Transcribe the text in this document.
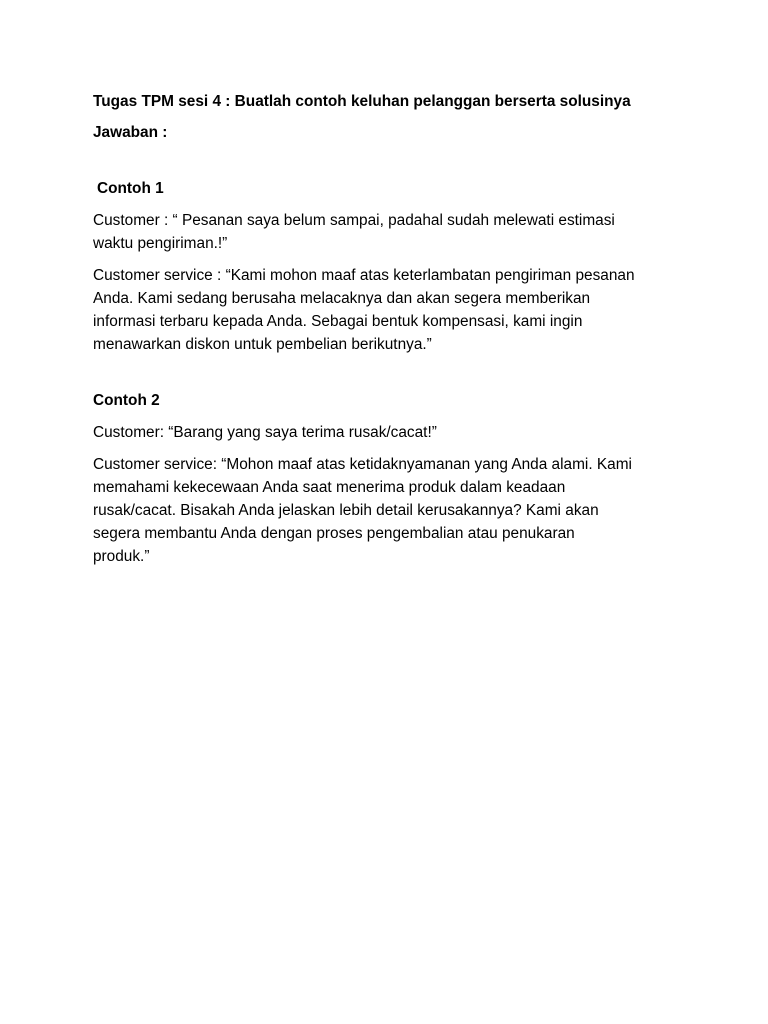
Tugas TPM sesi 4 : Buatlah contoh keluhan pelanggan berserta solusinya

Jawaban :

Contoh 1

Customer : “ Pesanan saya belum sampai, padahal sudah melewati estimasi
waktu pengiriman.!”
Customer service : “Kami mohon maaf atas keterlambatan pengiriman pesanan
Anda. Kami sedang berusaha melacaknya dan akan segera memberikan
informasi terbaru kepada Anda. Sebagai bentuk kompensasi, kami ingin
menawarkan diskon untuk pembelian berikutnya.”

Contoh 2

Customer: “Barang yang saya terima rusak/cacat!”
Customer service: “Mohon maaf atas ketidaknyamanan yang Anda alami. Kami
memahami kekecewaan Anda saat menerima produk dalam keadaan
rusak/cacat. Bisakah Anda jelaskan lebih detail kerusakannya? Kami akan
segera membantu Anda dengan proses pengembalian atau penukaran
produk.”
